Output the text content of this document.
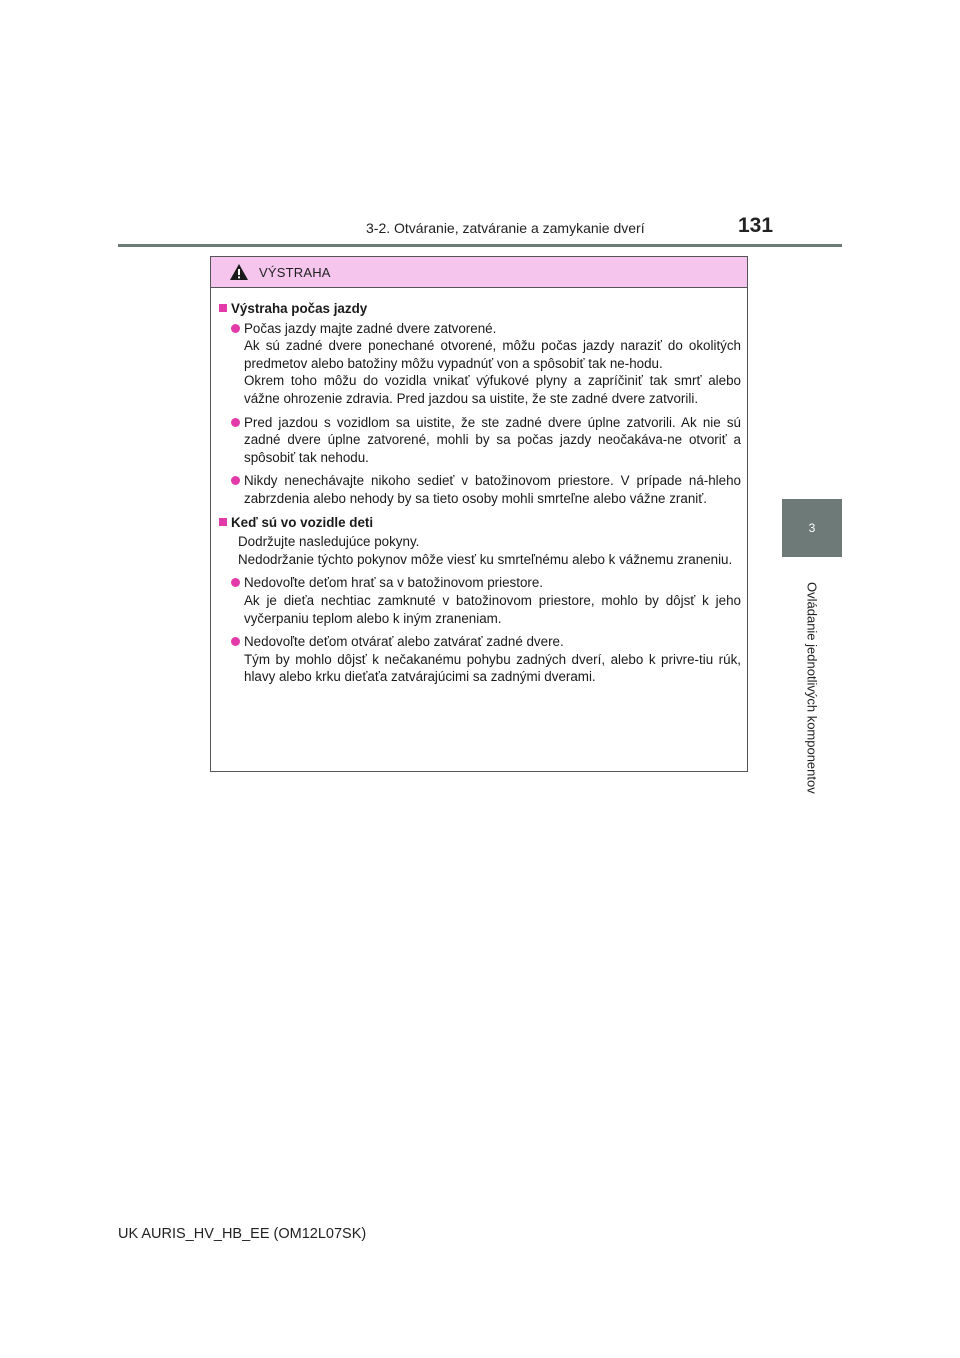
3-2. Otváranie, zatváranie a zamykanie dverí	131
3
Ovládanie jednotlivých komponentov
VÝSTRAHA
Výstraha počas jazdy
Počas jazdy majte zadné dvere zatvorené.
Ak sú zadné dvere ponechané otvorené, môžu počas jazdy naraziť do okolitých predmetov alebo batožiny môžu vypadnúť von a spôsobiť tak ne-hodu.
Okrem toho môžu do vozidla vnikať výfukové plyny a zapríčiniť tak smrť alebo vážne ohrozenie zdravia. Pred jazdou sa uistite, že ste zadné dvere zatvorili.
Pred jazdou s vozidlom sa uistite, že ste zadné dvere úplne zatvorili. Ak nie sú zadné dvere úplne zatvorené, mohli by sa počas jazdy neočakáva-ne otvoriť a spôsobiť tak nehodu.
Nikdy nenechávajte nikoho sedieť v batožinovom priestore. V prípade ná-hleho zabrzdenia alebo nehody by sa tieto osoby mohli smrteľne alebo vážne zraniť.
Keď sú vo vozidle deti
Dodržujte nasledujúce pokyny.
Nedodržanie týchto pokynov môže viesť ku smrteľnému alebo k vážnemu zraneniu.
Nedovoľte deťom hrať sa v batožinovom priestore.
Ak je dieťa nechtiac zamknuté v batožinovom priestore, mohlo by dôjsť k jeho vyčerpaniu teplom alebo k iným zraneniam.
Nedovoľte deťom otvárať alebo zatvárať zadné dvere.
Tým by mohlo dôjsť k nečakanému pohybu zadných dverí, alebo k privre-tiu rúk, hlavy alebo krku dieťaťa zatvárajúcimi sa zadnými dverami.
UK AURIS_HV_HB_EE (OM12L07SK)
